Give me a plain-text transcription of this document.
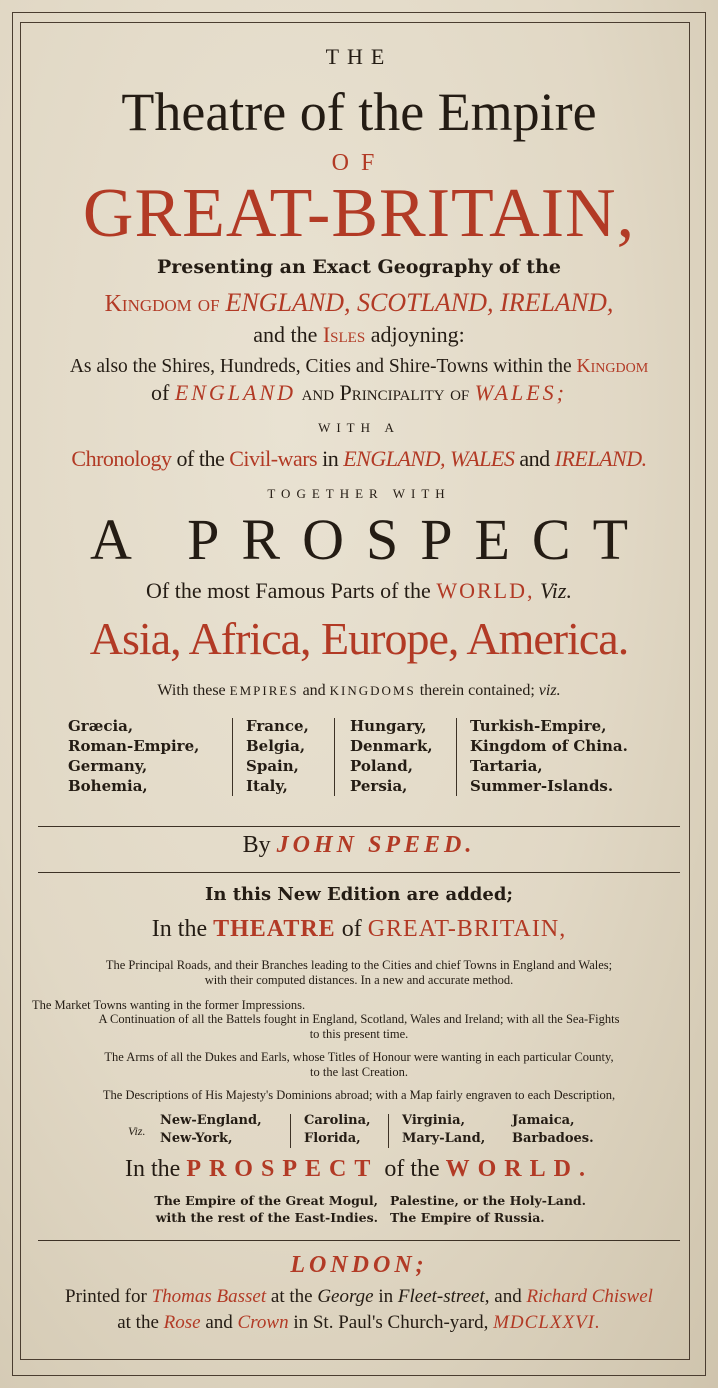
THE
Theatre of the Empire
OF
GREAT-BRITAIN,
Presenting an Exact Geography of the
Kingdom of ENGLAND, SCOTLAND, IRELAND,
and the Isles adjoyning:
As also the Shires, Hundreds, Cities and Shire-Towns within the Kingdom
of ENGLAND and Principality of WALES;
WITH A
Chronology of the Civil-wars in ENGLAND, WALES and IRELAND.
TOGETHER WITH
A PROSPECT
Of the most Famous Parts of the WORLD, Viz.
Asia, Africa, Europe, America.
With these EMPIRES and KINGDOMS therein contained; viz.
Græcia,
Roman-Empire,
Germany,
Bohemia,
France,
Belgia,
Spain,
Italy,
Hungary,
Denmark,
Poland,
Persia,
Turkish-Empire,
Kingdom of China.
Tartaria,
Summer-Islands.
By JOHN SPEED.
In this New Edition are added;
In the THEATRE of GREAT-BRITAIN,
The Principal Roads, and their Branches leading to the Cities and chief Towns in England and Wales;
with their computed distances. In a new and accurate method.
The Market Towns wanting in the former Impressions.
A Continuation of all the Battels fought in England, Scotland, Wales and Ireland; with all the Sea-Fights
to this present time.
The Arms of all the Dukes and Earls, whose Titles of Honour were wanting in each particular County,
to the last Creation.
The Descriptions of His Majesty's Dominions abroad; with a Map fairly engraven to each Description,
Viz.
New-England,
New-York,
Carolina,
Florida,
Virginia,
Mary-Land,
Jamaica,
Barbadoes.
In the PROSPECT of the WORLD.
The Empire of the Great Mogul,
with the rest of the East-Indies.
Palestine, or the Holy-Land.
The Empire of Russia.
LONDON;
Printed for Thomas Basset at the George in Fleet-street, and Richard Chiswel
at the Rose and Crown in St. Paul's Church-yard, MDCLXXVI.
